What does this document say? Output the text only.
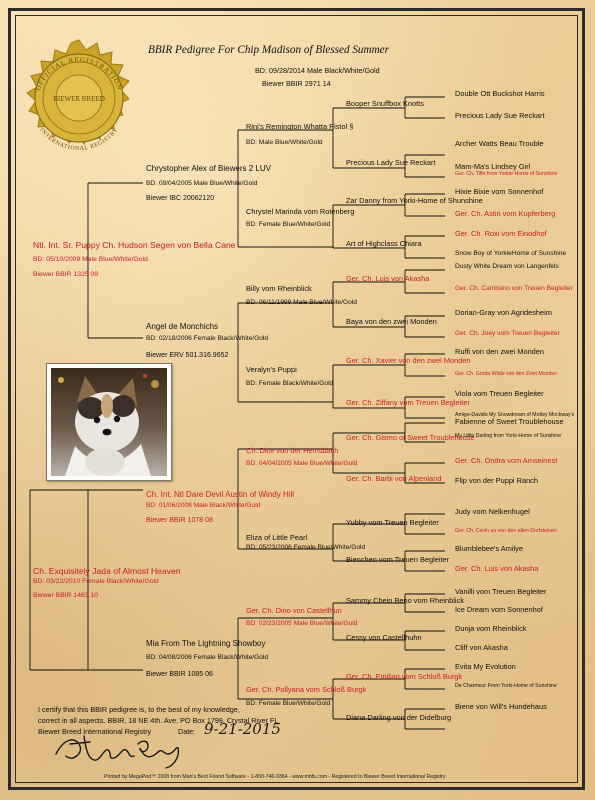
OFFICIAL REGISTRATION
BIEWER BREED
INTERNATIONAL REGISTRY
BBIR Pedigree For Chip Madison of Blessed Summer
BD: 09/28/2014 Male Black/White/Gold
Biewer BBIR 2971 14
Ntl. Int. Sr. Puppy Ch. Hudson Segen von Bella Cane
BD: 05/10/2009 Male Blue/White/Gold
Biewer BBIR 1325 09
Chrystopher Alex of Biewers 2 LUV
BD: 08/04/2005 Male Blue/White/Gold
Biewer IBC 20062120
Rini's Remington Whatta Pistol §
BD: Male Blue/White/Gold
Booper Snuffbox Knotts
Double Ott Buckshot Harris
Precious Lady Sue Reckart
Precious Lady Sue Reckart
Archer Watts Beau Trouble
Mam-Ma's Lindsey Girl
Ger. Ch. Tiffe from Yorkie-Home of Sunshine
Chrystel Marinda vom Rotenberg
BD: Female Blue/White/Gold
Zar Danny from Yorki-Home of Shunshine
Hixie Bixie vom Sonnenhof
Ger. Ch. Astin vom Kupferberg
Art of Highclass Chiara
Ger. Ch. Roxi vom Einodhof
Snow Boy of YorkieHome of Sunshine
Angel de Monchichs
BD: 02/18/2006 Female Black/White/Gold
Biewer ERV 501.316.9652
Billy vom Rheinblick
BD: 06/11/1999 Male Blue/White/Gold
Ger. Ch. Luis von Akasha
Dusty White Dream von Langenfels
Ger. Ch. Cambano von Treuen Begleiter
Baya von den zwei Monden
Dorian-Gray von Agridesheim
Ger. Ch. Joey vom Treuen Begleiter
Veralyn's Puppi
BD: Female Black/White/Gold
Ger. Ch. Xavier von den zwei Monden
Ruffi von den zwei Monden
Ger. Ch. Gorda Wilde von den Zwei Monden
Ger. Ch. Ziffany vom Treuen Begleiter
Viola vom Treuen Begleiter
Amigo-Davido My Snowdream of Motley Mockway's
Ch. Exquisitely Jada of Almost Heaven
BD: 03/22/2010 Female Black/White/Gold
Biewer BBIR 1463 10
Ch. Int. Ntl Dare Devil Austin of Windy Hill
BD: 01/06/2008 Male Black/White/Gold
Biewer BBIR 1078 08
Ch. Dice von der Hemsbach
BD: 04/04/2005 Male Blue/White/Gold
Ger. Ch. Gismo of Sweet Troublehouse
Fabienne of Sweet Troublehouse
My Little Darling from Yorki-Home of Sunshine
Ger. Ch. Barbi von Alpenland
Ger. Ch. Ondra vom Amseinest
Flip von der Puppi Ranch
Eliza of Little Pearl
BD: 05/23/2006 Female Blue/White/Gold
Yubby vom Treuen Begleiter
Judy vom Nelkenhugel
Ger. Ch. Cevin un von den alten Dorfsteinen
Bienchen vom Treuen Begleiter
Blumblebee's Amilye
Ger. Ch. Luis von Akasha
Mia From The Lightning Showboy
BD: 04/08/2006 Female Black/White/Gold
Biewer BBIR 1085 06
Ger. Ch. Dino von Castellhun
BD: 02/23/2005 Male Blue/White/Gold
Sammy Chein Beno vom Rheinblick
Vanilli vom Treuen Begleiter
Ice Dream vom Sonnenhof
Cessy von Castellhuhn
Dunja vom Rheinblick
Cliff von Akasha
Ger. Ch. Pollyana vom Schloß Burgk
BD: Female Blue/White/Gold
Ger. Ch. Emilian vom Schloß Burgk
Evita My Evolution
De Charmeur From Yorki-Home of Sunshine
Diana Darling von der Didelburg
Biene von Will's Hundehaus
I certify that this BBIR pedigree is, to the best of my knowledge,
correct in all aspects. BBIR, 18 NE 4th. Ave. PO Box 1799, Crystal River FL
Biewer Breed International Registry	Date: 9-21-2015
Printed by MegaPed™ 2008 from Man's Best Friend Software - 1-800-746-9364 - www.mbfs.com - Registered to Biewer Breed International Registry
